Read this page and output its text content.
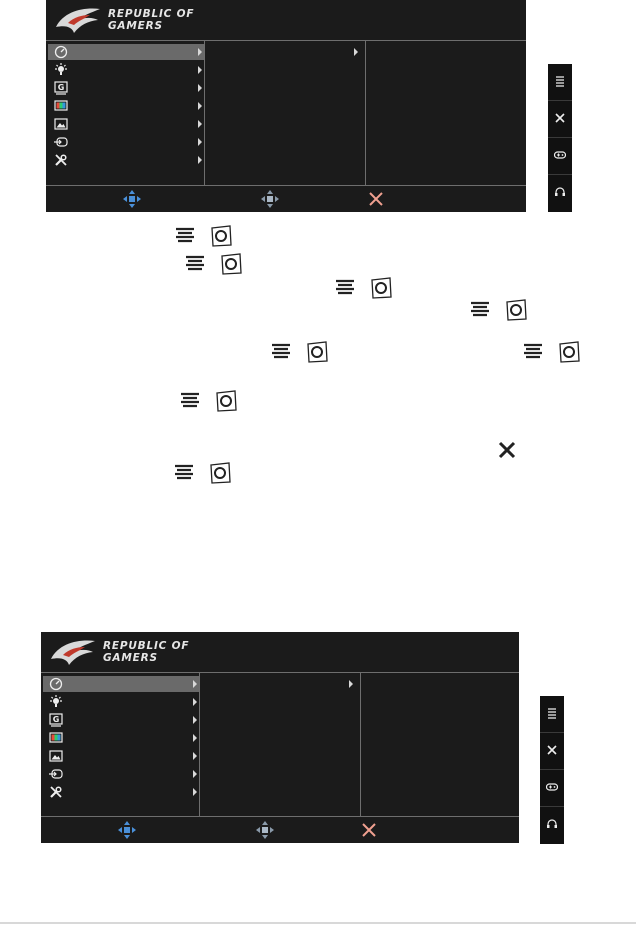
REPUBLIC OF
GAMERS
G
REPUBLIC OF
GAMERS
G
